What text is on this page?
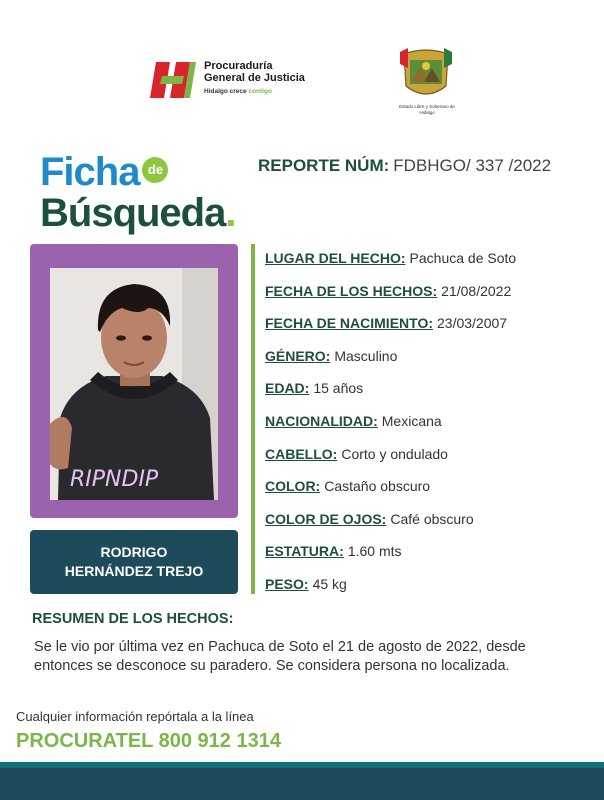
Procuraduría
General de Justicia
Hidalgo crece contigo
Estado Libre y Soberano de Hidalgo
Ficha de
Búsqueda.
REPORTE NÚM: FDBHGO/ 337 /2022
RIPNDIP
RODRIGO
HERNÁNDEZ TREJO
LUGAR DEL HECHO: Pachuca de Soto
FECHA DE LOS HECHOS: 21/08/2022
FECHA DE NACIMIENTO: 23/03/2007
GÉNERO: Masculino
EDAD: 15 años
NACIONALIDAD: Mexicana
CABELLO: Corto y ondulado
COLOR: Castaño obscuro
COLOR DE OJOS: Café obscuro
ESTATURA: 1.60 mts
PESO: 45 kg
RESUMEN DE LOS HECHOS:
Se le vio por última vez en Pachuca de Soto el 21 de agosto de 2022, desde entonces se desconoce su paradero. Se considera persona no localizada.
Cualquier información repórtala a la línea
PROCURATEL 800 912 1314
